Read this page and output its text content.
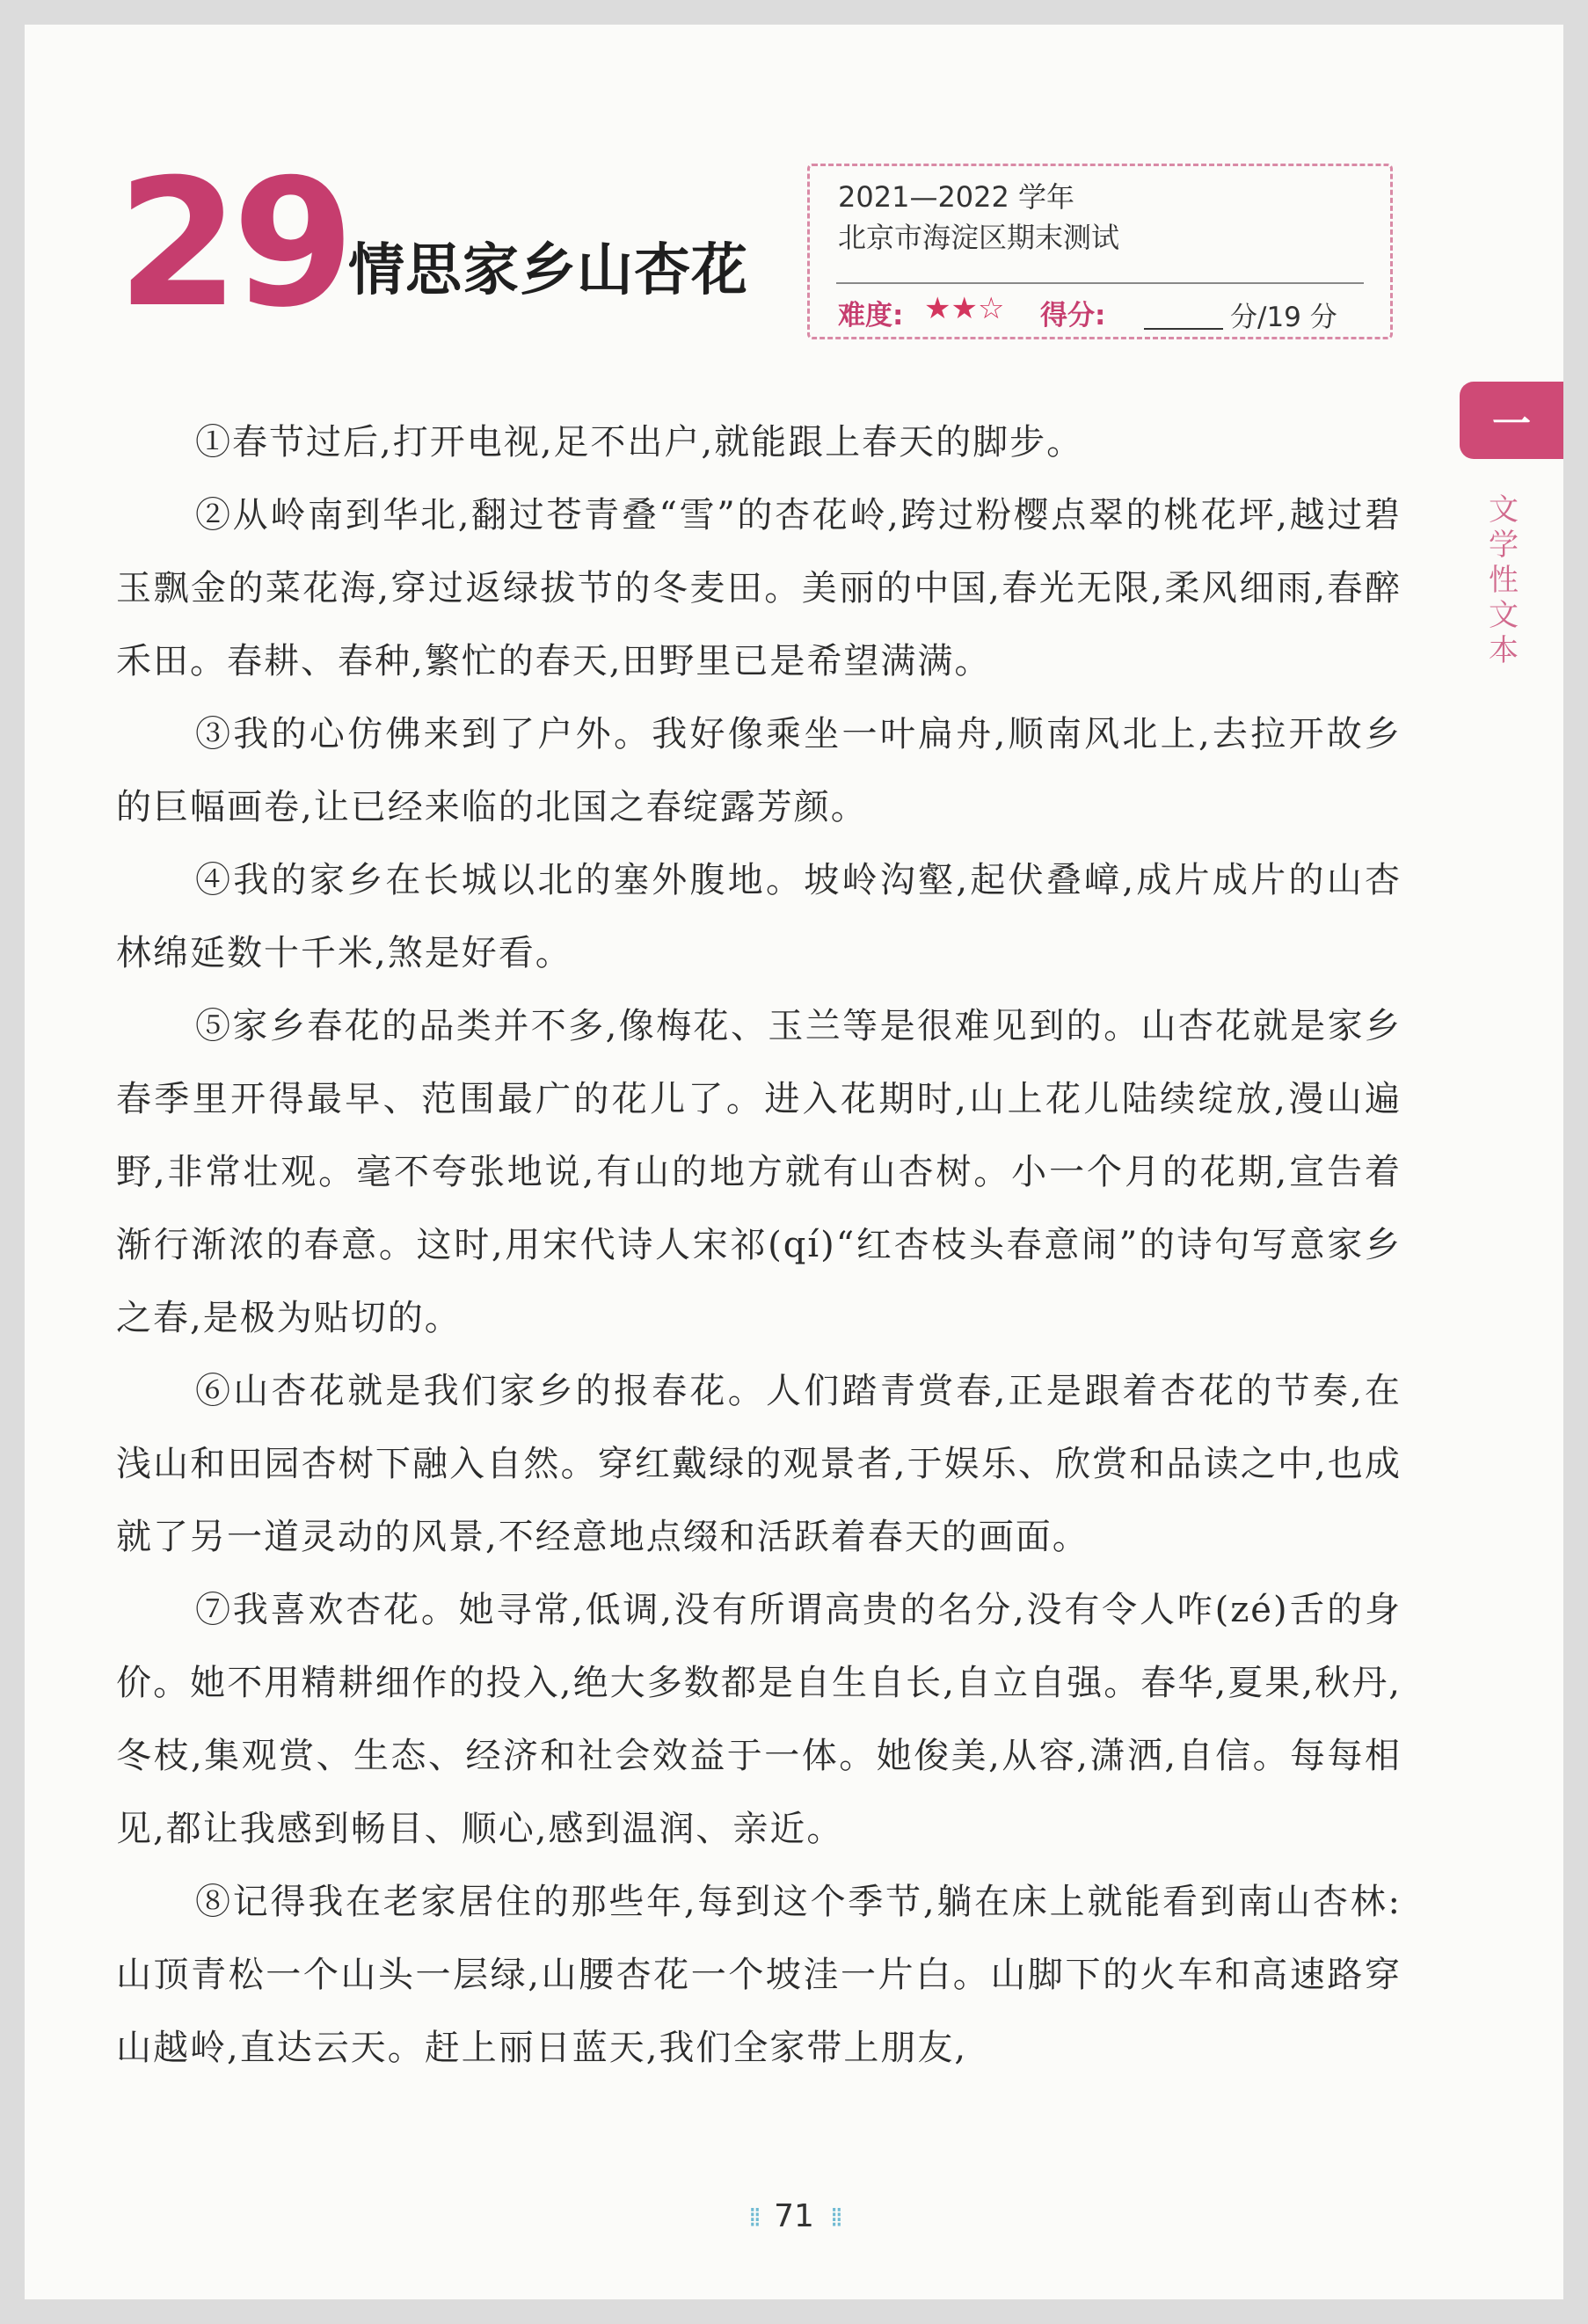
29 情思家乡山杏花
2021—2022 学年
北京市海淀区期末测试
难度: ★★☆ 得分:	分/19 分
一
文学性文本

①春节过后,打开电视,足不出户,就能跟上春天的脚步。

②从岭南到华北,翻过苍青叠“雪”的杏花岭,跨过粉樱点翠的桃花坪,越过碧玉飘金的菜花海,穿过返绿拔节的冬麦田。美丽的中国,春光无限,柔风细雨,春醉禾田。春耕、春种,繁忙的春天,田野里已是希望满满。

③我的心仿佛来到了户外。我好像乘坐一叶扁舟,顺南风北上,去拉开故乡的巨幅画卷,让已经来临的北国之春绽露芳颜。

④我的家乡在长城以北的塞外腹地。坡岭沟壑,起伏叠嶂,成片成片的山杏林绵延数十千米,煞是好看。

⑤家乡春花的品类并不多,像梅花、玉兰等是很难见到的。山杏花就是家乡春季里开得最早、范围最广的花儿了。进入花期时,山上花儿陆续绽放,漫山遍野,非常壮观。毫不夸张地说,有山的地方就有山杏树。小一个月的花期,宣告着渐行渐浓的春意。这时,用宋代诗人宋祁(qí)“红杏枝头春意闹”的诗句写意家乡之春,是极为贴切的。

⑥山杏花就是我们家乡的报春花。人们踏青赏春,正是跟着杏花的节奏,在浅山和田园杏树下融入自然。穿红戴绿的观景者,于娱乐、欣赏和品读之中,也成就了另一道灵动的风景,不经意地点缀和活跃着春天的画面。

⑦我喜欢杏花。她寻常,低调,没有所谓高贵的名分,没有令人咋(zé)舌的身价。她不用精耕细作的投入,绝大多数都是自生自长,自立自强。春华,夏果,秋丹,冬枝,集观赏、生态、经济和社会效益于一体。她俊美,从容,潇洒,自信。每每相见,都让我感到畅目、顺心,感到温润、亲近。

⑧记得我在老家居住的那些年,每到这个季节,躺在床上就能看到南山杏林:山顶青松一个山头一层绿,山腰杏花一个坡洼一片白。山脚下的火车和高速路穿山越岭,直达云天。赶上丽日蓝天,我们全家带上朋友,

⁞⁞ 71 ⁞⁞
